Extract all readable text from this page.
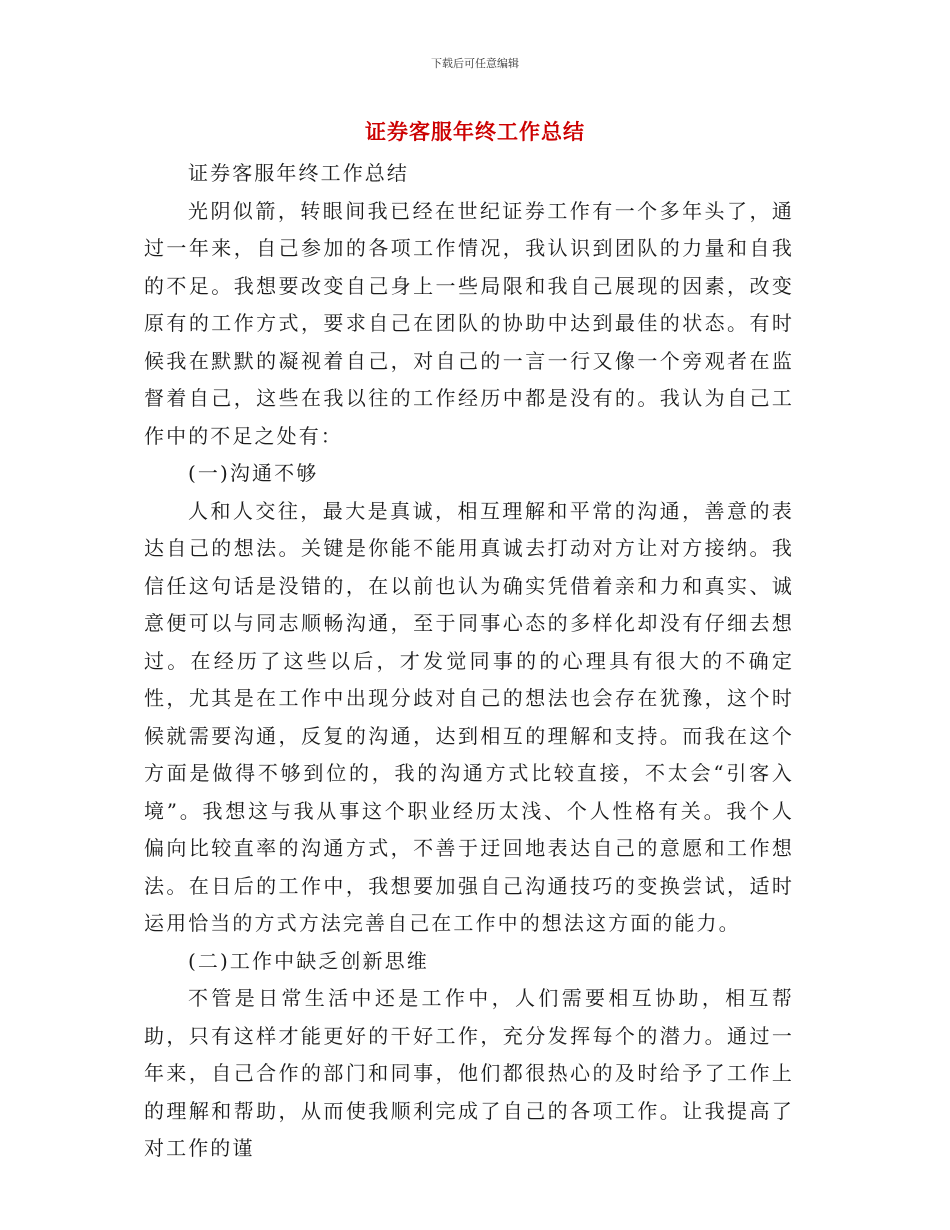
下载后可任意编辑
证券客服年终工作总结

证券客服年终工作总结

光阴似箭，转眼间我已经在世纪证券工作有一个多年头了，通过一年来，自己参加的各项工作情况，我认识到团队的力量和自我的不足。我想要改变自己身上一些局限和我自己展现的因素，改变原有的工作方式，要求自己在团队的协助中达到最佳的状态。有时候我在默默的凝视着自己，对自己的一言一行又像一个旁观者在监督着自己，这些在我以往的工作经历中都是没有的。我认为自己工作中的不足之处有：

(一)沟通不够

人和人交往，最大是真诚，相互理解和平常的沟通，善意的表达自己的想法。关键是你能不能用真诚去打动对方让对方接纳。我信任这句话是没错的，在以前也认为确实凭借着亲和力和真实、诚意便可以与同志顺畅沟通，至于同事心态的多样化却没有仔细去想过。在经历了这些以后，才发觉同事的的心理具有很大的不确定性，尤其是在工作中出现分歧对自己的想法也会存在犹豫，这个时候就需要沟通，反复的沟通，达到相互的理解和支持。而我在这个方面是做得不够到位的，我的沟通方式比较直接，不太会“引客入境”。我想这与我从事这个职业经历太浅、个人性格有关。我个人偏向比较直率的沟通方式，不善于迂回地表达自己的意愿和工作想法。在日后的工作中，我想要加强自己沟通技巧的变换尝试，适时运用恰当的方式方法完善自己在工作中的想法这方面的能力。

(二)工作中缺乏创新思维

不管是日常生活中还是工作中，人们需要相互协助，相互帮助，只有这样才能更好的干好工作，充分发挥每个的潜力。通过一年来，自己合作的部门和同事，他们都很热心的及时给予了工作上的理解和帮助，从而使我顺利完成了自己的各项工作。让我提高了对工作的谨
